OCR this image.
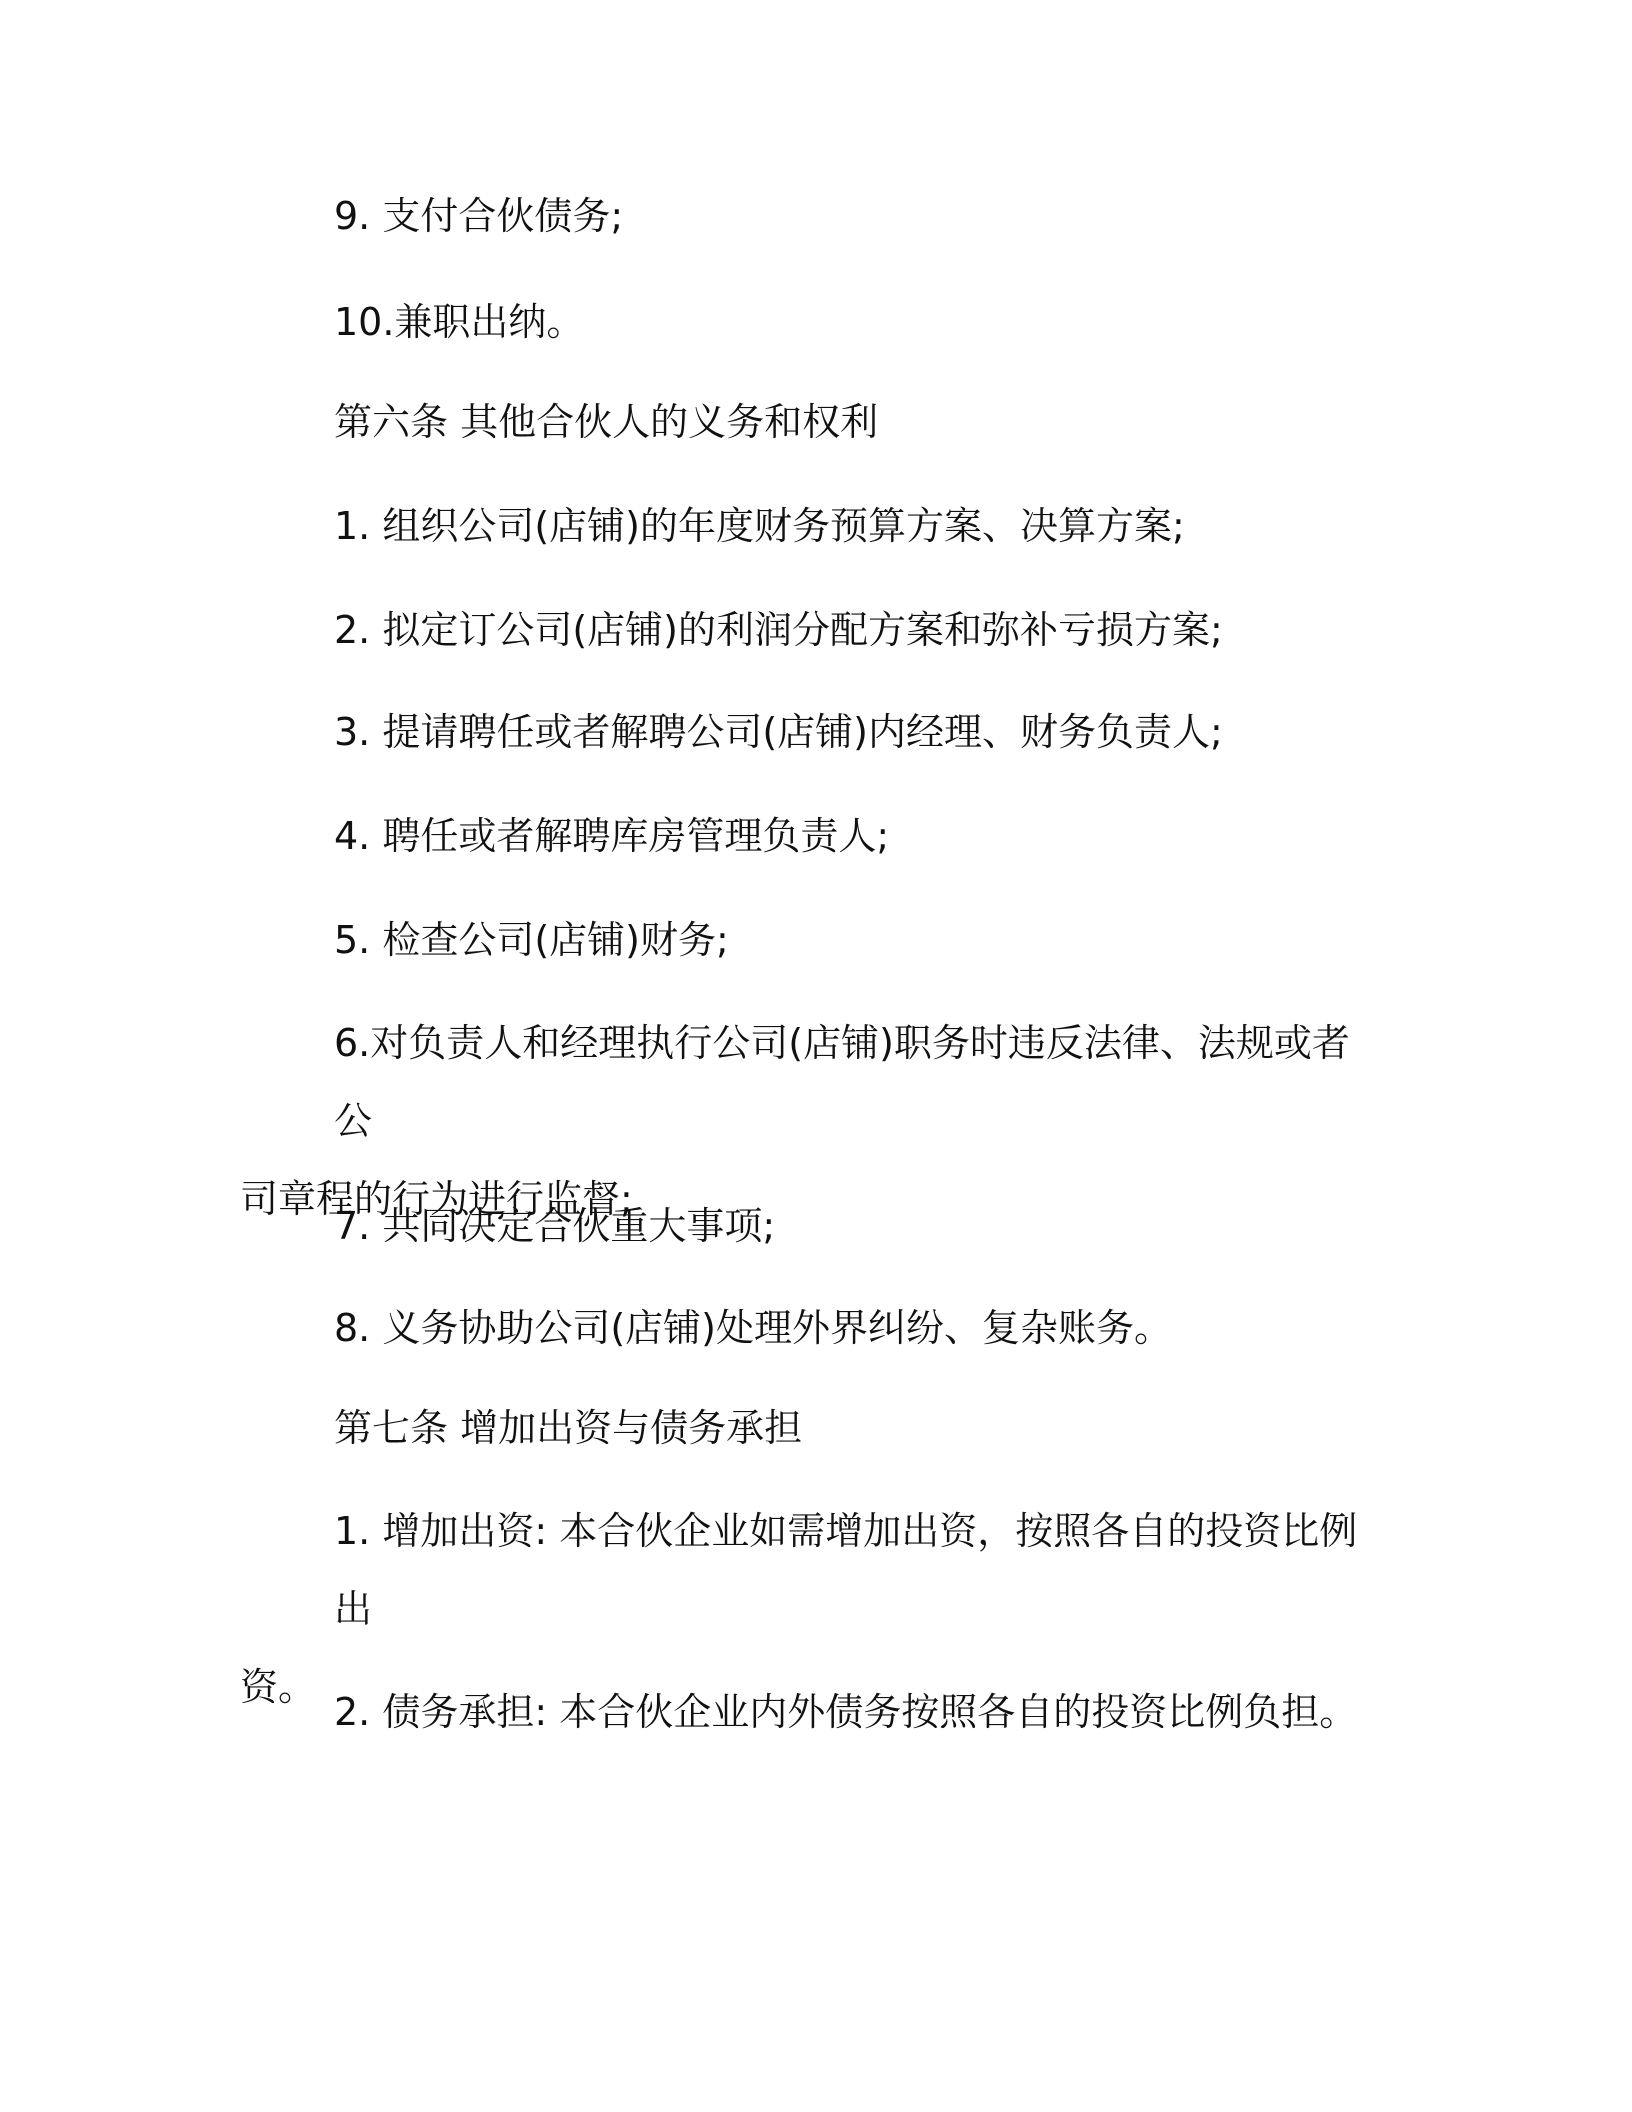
9. 支付合伙债务;

10.兼职出纳。

第六条 其他合伙人的义务和权利

1. 组织公司(店铺)的年度财务预算方案、决算方案;

2. 拟定订公司(店铺)的利润分配方案和弥补亏损方案;

3. 提请聘任或者解聘公司(店铺)内经理、财务负责人;

4. 聘任或者解聘库房管理负责人;

5. 检查公司(店铺)财务;

6.对负责人和经理执行公司(店铺)职务时违反法律、法规或者公
司章程的行为进行监督;

7. 共同决定合伙重大事项;

8. 义务协助公司(店铺)处理外界纠纷、复杂账务。

第七条 增加出资与债务承担

1. 增加出资: 本合伙企业如需增加出资，按照各自的投资比例出
资。

2. 债务承担: 本合伙企业内外债务按照各自的投资比例负担。
